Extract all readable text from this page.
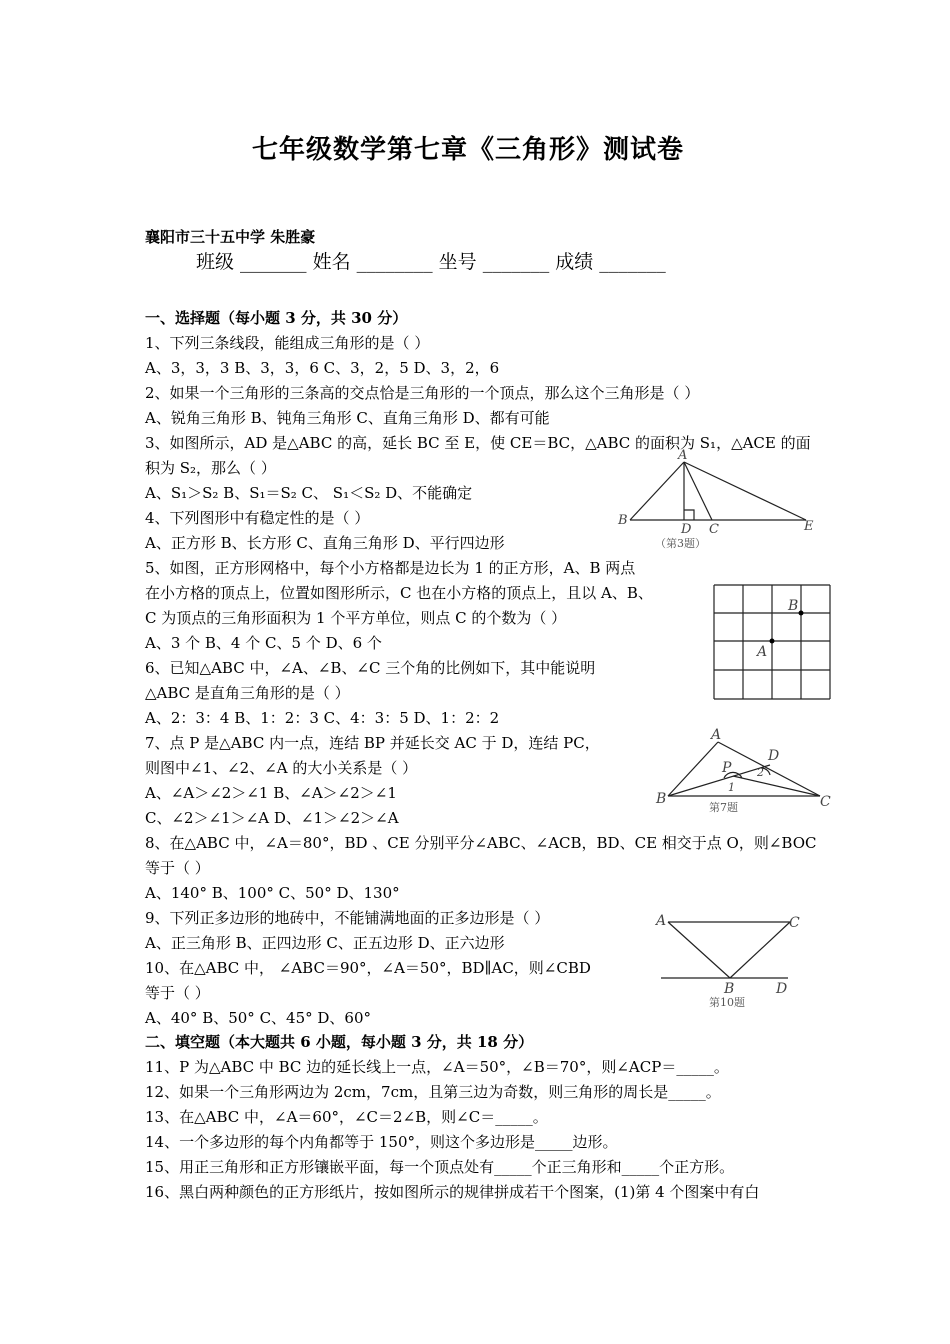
七年级数学第七章《三角形》测试卷
襄阳市三十五中学 朱胜豪
班级 _______ 姓名 ________ 坐号 _______ 成绩 _______
一、选择题（每小题 3 分，共 30 分）
1、下列三条线段，能组成三角形的是（ ）
A、3，3，3 B、3，3，6 C、3，2，5 D、3，2，6
2、如果一个三角形的三条高的交点恰是三角形的一个顶点，那么这个三角形是（ ）
A、锐角三角形 B、钝角三角形 C、直角三角形 D、都有可能
3、如图所示，AD 是△ABC 的高，延长 BC 至 E，使 CE＝BC，△ABC 的面积为 S₁，△ACE 的面
积为 S₂，那么（ ）
A、S₁＞S₂ B、S₁＝S₂ C、 S₁＜S₂ D、不能确定
4、下列图形中有稳定性的是（ ）
A、正方形 B、长方形 C、直角三角形 D、平行四边形
5、如图，正方形网格中，每个小方格都是边长为 1 的正方形，A、B 两点
在小方格的顶点上，位置如图形所示，C 也在小方格的顶点上，且以 A、B、
C 为顶点的三角形面积为 1 个平方单位，则点 C 的个数为（ ）
A、3 个 B、4 个 C、5 个 D、6 个
6、已知△ABC 中，∠A、∠B、∠C 三个角的比例如下，其中能说明
△ABC 是直角三角形的是（ ）
A、2：3：4 B、1：2：3 C、4：3：5 D、1：2：2
7、点 P 是△ABC 内一点，连结 BP 并延长交 AC 于 D，连结 PC，
则图中∠1、∠2、∠A 的大小关系是（ ）
A、∠A＞∠2＞∠1 B、∠A＞∠2＞∠1
C、∠2＞∠1＞∠A D、∠1＞∠2＞∠A
8、在△ABC 中，∠A＝80°，BD 、CE 分别平分∠ABC、∠ACB，BD、CE 相交于点 O，则∠BOC
等于（ ）
A、140° B、100° C、50° D、130°
9、下列正多边形的地砖中，不能铺满地面的正多边形是（ ）
A、正三角形 B、正四边形 C、正五边形 D、正六边形
10、在△ABC 中， ∠ABC＝90°，∠A＝50°，BD∥AC，则∠CBD
等于（ ）
A、40° B、50° C、45° D、60°
二、填空题（本大题共 6 小题，每小题 3 分，共 18 分）
11、P 为△ABC 中 BC 边的延长线上一点，∠A＝50°，∠B＝70°，则∠ACP＝_____。
12、如果一个三角形两边为 2cm，7cm，且第三边为奇数，则三角形的周长是_____。
13、在△ABC 中，∠A＝60°，∠C＝2∠B，则∠C＝_____。
14、一个多边形的每个内角都等于 150°，则这个多边形是_____边形。
15、用正三角形和正方形镶嵌平面，每一个顶点处有_____个正三角形和_____个正方形。
16、黑白两种颜色的正方形纸片，按如图所示的规律拼成若干个图案，(1)第 4 个图案中有白
A
B
D C	E
（第3题）
B
A
A
D
P 2
1
B	C
第7题
A	C
B	D
第10题
